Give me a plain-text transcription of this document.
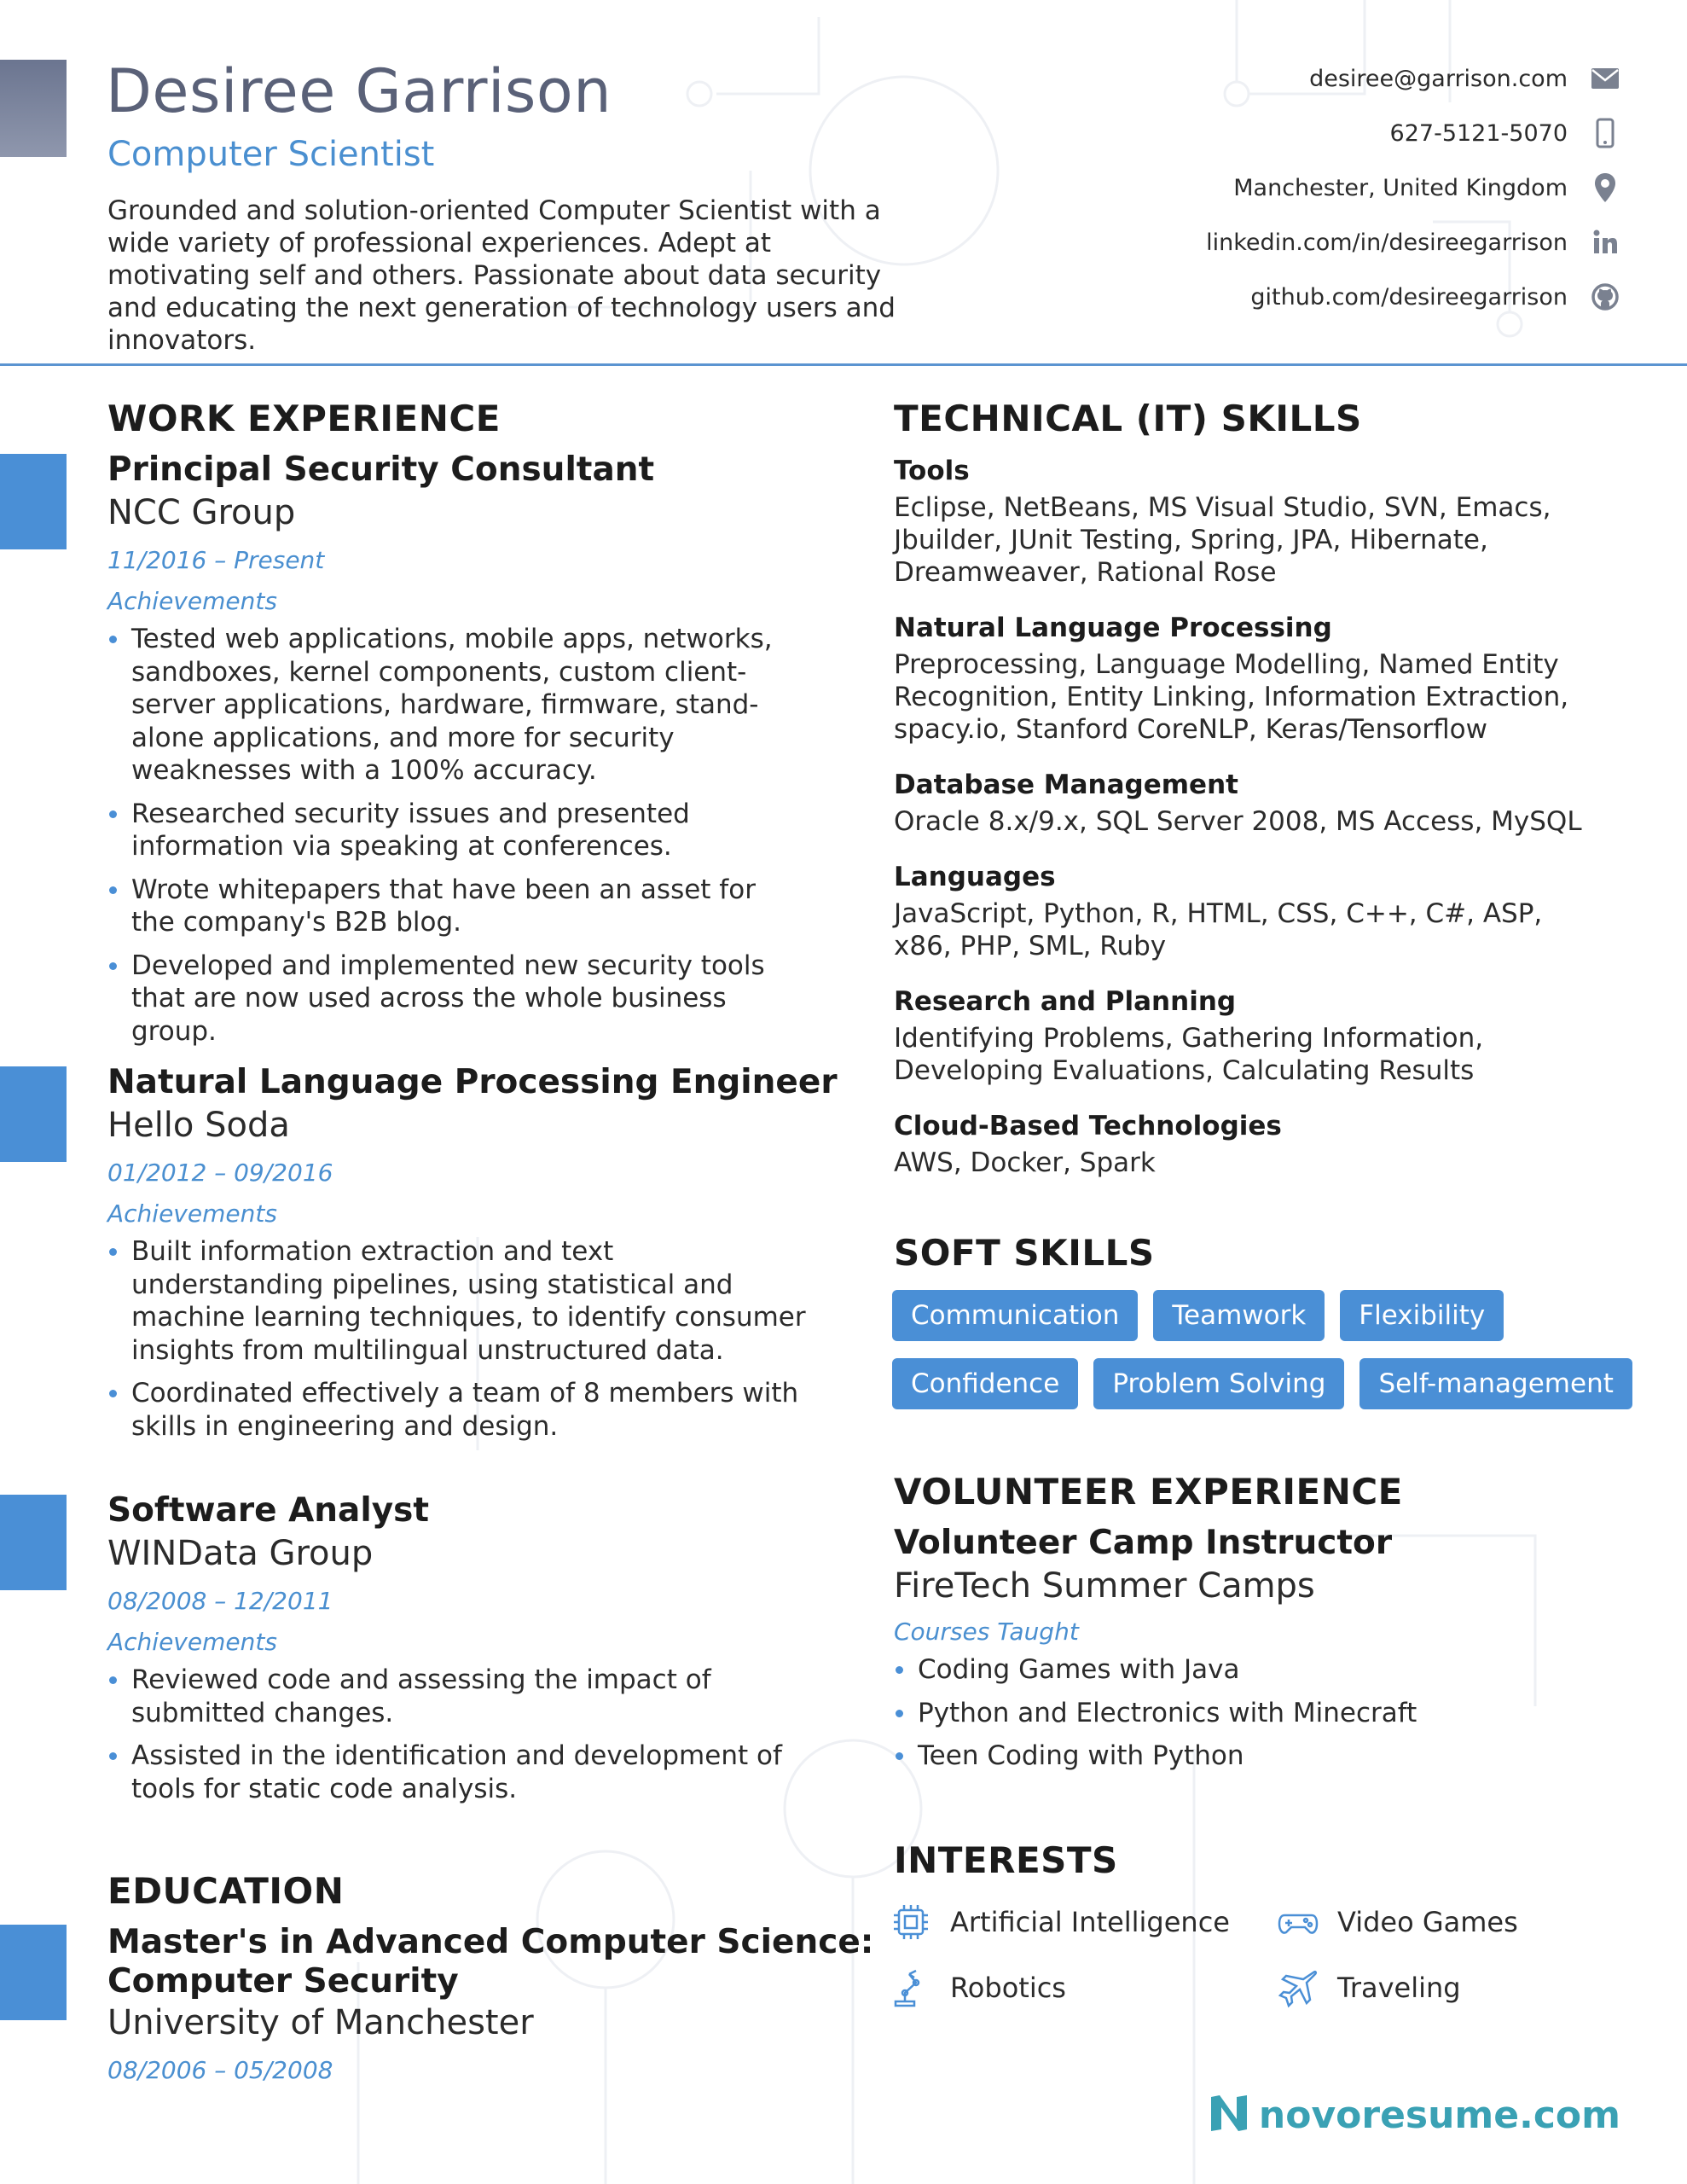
Desiree Garrison
Computer Scientist
Grounded and solution-oriented Computer Scientist with a wide variety of professional experiences. Adept at motivating self and others. Passionate about data security and educating the next generation of technology users and innovators.
desiree@garrison.com
627-5121-5070
Manchester, United Kingdom
linkedin.com/in/desireegarrison
github.com/desireegarrison
WORK EXPERIENCE
Principal Security Consultant
NCC Group
11/2016 – Present
Achievements
Tested web applications, mobile apps, networks, sandboxes, kernel components, custom client-server applications, hardware, firmware, stand-alone applications, and more for security weaknesses with a 100% accuracy.
Researched security issues and presented information via speaking at conferences.
Wrote whitepapers that have been an asset for the company's B2B blog.
Developed and implemented new security tools that are now used across the whole business group.
Natural Language Processing Engineer
Hello Soda
01/2012 – 09/2016
Achievements
Built information extraction and text understanding pipelines, using statistical and machine learning techniques, to identify consumer insights from multilingual unstructured data.
Coordinated effectively a team of 8 members with skills in engineering and design.
Software Analyst
WINData Group
08/2008 – 12/2011
Achievements
Reviewed code and assessing the impact of submitted changes.
Assisted in the identification and development of tools for static code analysis.
EDUCATION
Master's in Advanced Computer Science:
Computer Security
University of Manchester
08/2006 – 05/2008
TECHNICAL (IT) SKILLS
Tools
Eclipse, NetBeans, MS Visual Studio, SVN, Emacs, Jbuilder, JUnit Testing, Spring, JPA, Hibernate, Dreamweaver, Rational Rose
Natural Language Processing
Preprocessing, Language Modelling, Named Entity Recognition, Entity Linking, Information Extraction, spacy.io, Stanford CoreNLP, Keras/Tensorflow
Database Management
Oracle 8.x/9.x, SQL Server 2008, MS Access, MySQL
Languages
JavaScript, Python, R, HTML, CSS, C++, C#, ASP, x86, PHP, SML, Ruby
Research and Planning
Identifying Problems, Gathering Information, Developing Evaluations, Calculating Results
Cloud-Based Technologies
AWS, Docker, Spark
SOFT SKILLS
Communication	Teamwork	Flexibility
Confidence	Problem Solving	Self-management
VOLUNTEER EXPERIENCE
Volunteer Camp Instructor
FireTech Summer Camps
Courses Taught
Coding Games with Java
Python and Electronics with Minecraft
Teen Coding with Python
INTERESTS
Artificial Intelligence	Video Games
Robotics	Traveling
novoresume.com
